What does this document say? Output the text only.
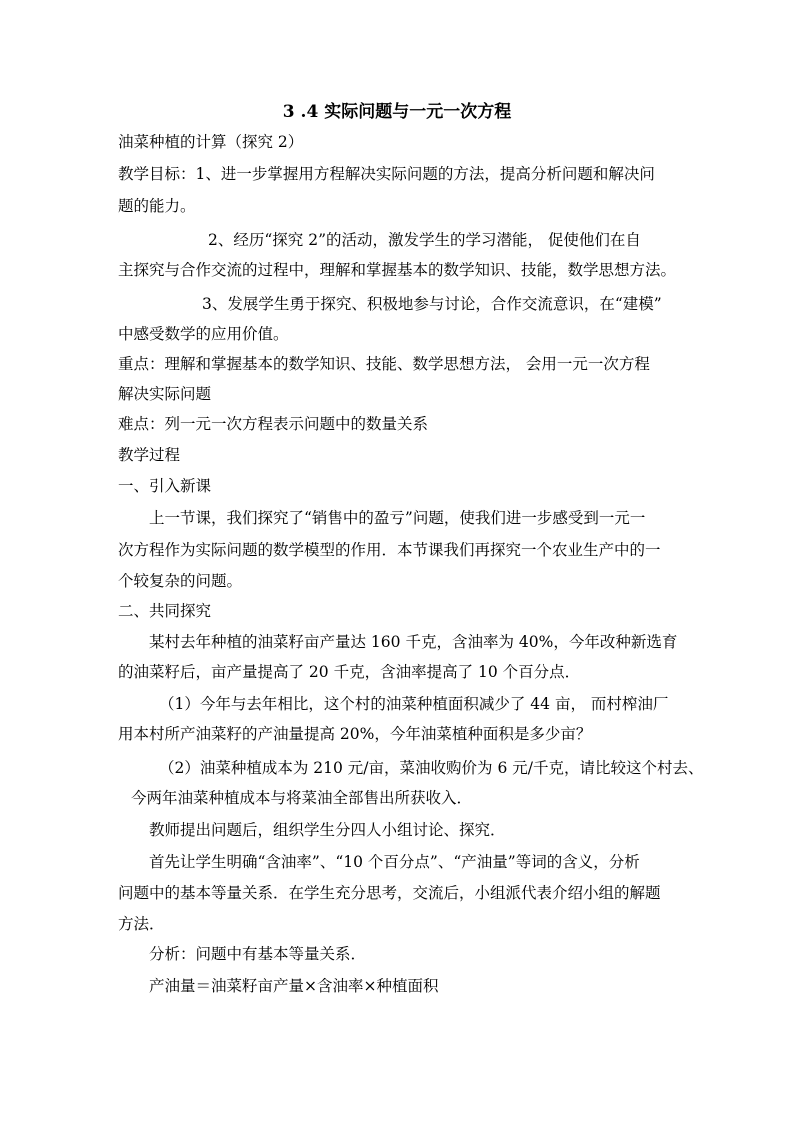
3 .4 实际问题与一元一次方程
油菜种植的计算（探究 2）
教学目标：1、进一步掌握用方程解决实际问题的方法，提高分析问题和解决问
题的能力。
2、经历“探究 2”的活动，激发学生的学习潜能， 促使他们在自
主探究与合作交流的过程中，理解和掌握基本的数学知识、技能，数学思想方法。
3、发展学生勇于探究、积极地参与讨论，合作交流意识，在“建模”
中感受数学的应用价值。
重点：理解和掌握基本的数学知识、技能、数学思想方法， 会用一元一次方程
解决实际问题
难点：列一元一次方程表示问题中的数量关系
教学过程
一、引入新课
上一节课，我们探究了“销售中的盈亏”问题，使我们进一步感受到一元一
次方程作为实际问题的数学模型的作用．本节课我们再探究一个农业生产中的一
个较复杂的问题。
二、共同探究
某村去年种植的油菜籽亩产量达 160 千克，含油率为 40%，今年改种新选育
的油菜籽后，亩产量提高了 20 千克，含油率提高了 10 个百分点．
（1）今年与去年相比，这个村的油菜种植面积减少了 44 亩， 而村榨油厂
用本村所产油菜籽的产油量提高 20%，今年油菜植种面积是多少亩？
（2）油菜种植成本为 210 元/亩，菜油收购价为 6 元/千克，请比较这个村去、
今两年油菜种植成本与将菜油全部售出所获收入．
教师提出问题后，组织学生分四人小组讨论、探究．
首先让学生明确“含油率”、“10 个百分点”、“产油量”等词的含义，分析
问题中的基本等量关系．在学生充分思考，交流后，小组派代表介绍小组的解题
方法．
分析：问题中有基本等量关系．
产油量＝油菜籽亩产量×含油率×种植面积
